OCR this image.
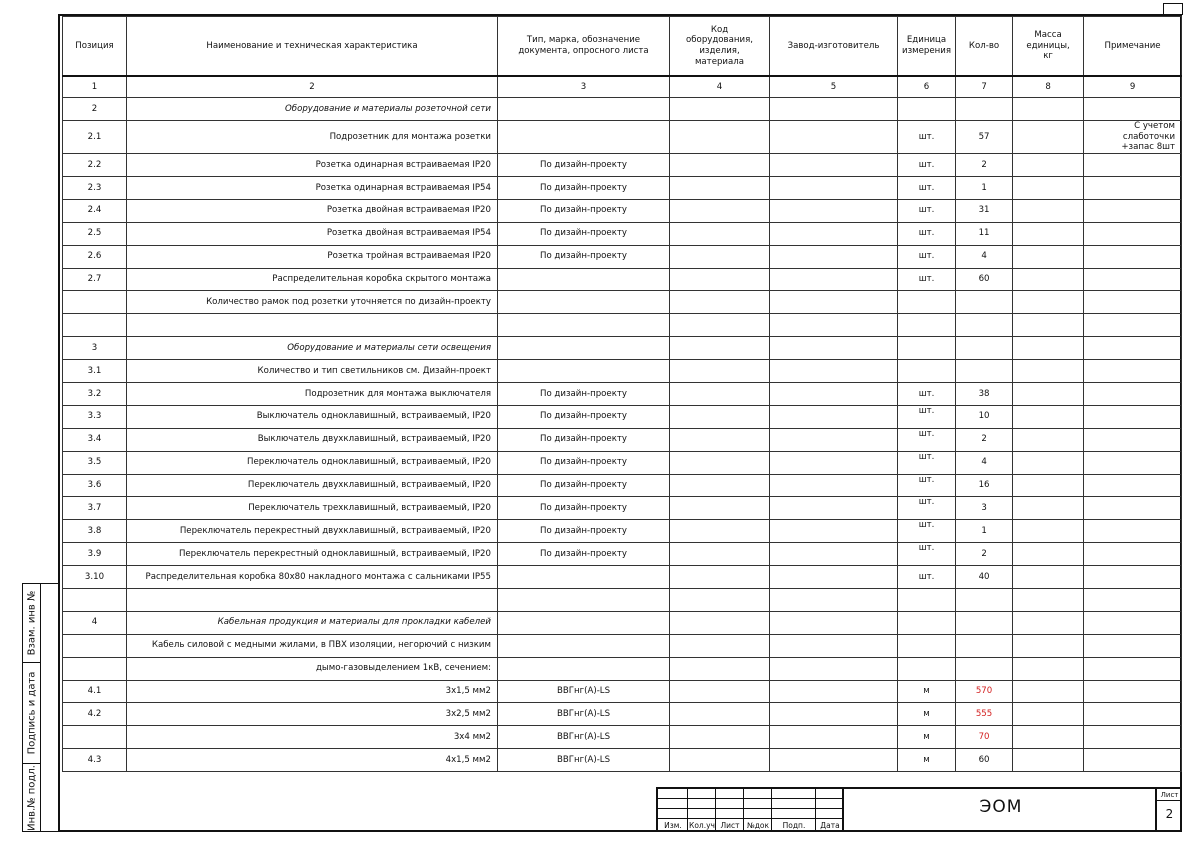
Позиция	Наименование и техническая характеристика	Тип, марка, обозначение документа, опросного листа	Код оборудования, изделия, материала	Завод-изготовитель	Единица измерения	Кол-во	Масса единицы, кг	Примечание
1	2	3	4	5	6	7	8	9
2	Оборудование и материалы розеточной сети							
2.1	Подрозетник для монтажа розетки				шт.	57		С учетом слаботочки +запас 8шт
2.2	Розетка одинарная встраиваемая IP20	По дизайн-проекту			шт.	2		
2.3	Розетка одинарная встраиваемая IP54	По дизайн-проекту			шт.	1		
2.4	Розетка двойная встраиваемая IP20	По дизайн-проекту			шт.	31		
2.5	Розетка двойная встраиваемая IP54	По дизайн-проекту			шт.	11		
2.6	Розетка тройная встраиваемая IP20	По дизайн-проекту			шт.	4		
2.7	Распределительная коробка скрытого монтажа				шт.	60		
	Количество рамок под розетки уточняется по дизайн-проекту							

3	Оборудование и материалы сети освещения							
3.1	Количество и тип светильников см. Дизайн-проект							
3.2	Подрозетник для монтажа выключателя	По дизайн-проекту			шт.	38		
3.3	Выключатель одноклавишный, встраиваемый, IP20	По дизайн-проекту			шт.	10		
3.4	Выключатель двухклавишный, встраиваемый, IP20	По дизайн-проекту			шт.	2		
3.5	Переключатель одноклавишный, встраиваемый, IP20	По дизайн-проекту			шт.	4		
3.6	Переключатель двухклавишный, встраиваемый, IP20	По дизайн-проекту			шт.	16		
3.7	Переключатель трехклавишный, встраиваемый, IP20	По дизайн-проекту			шт.	3		
3.8	Переключатель перекрестный двухклавишный, встраиваемый, IP20	По дизайн-проекту			шт.	1		
3.9	Переключатель перекрестный одноклавишный, встраиваемый, IP20	По дизайн-проекту			шт.	2		
3.10	Распределительная коробка 80х80 накладного монтажа с сальниками IP55				шт.	40		

4	Кабельная продукция и материалы для прокладки кабелей							
	Кабель силовой с медными жилами, в ПВХ изоляции, негорючий с низким							
	дымо-газовыделением 1кВ, сечением:							
4.1	3х1,5 мм2	ВВГнг(А)-LS			м	570		
4.2	3х2,5 мм2	ВВГнг(А)-LS			м	555		
	3х4 мм2	ВВГнг(А)-LS			м	70		
4.3	4х1,5 мм2	ВВГнг(А)-LS			м	60		
Взам. инв №
Подпись и дата
Инв.№ подл.	Изм. Кол.уч Лист №док	Подп.	Дата
ЭОМ
Лист
2
